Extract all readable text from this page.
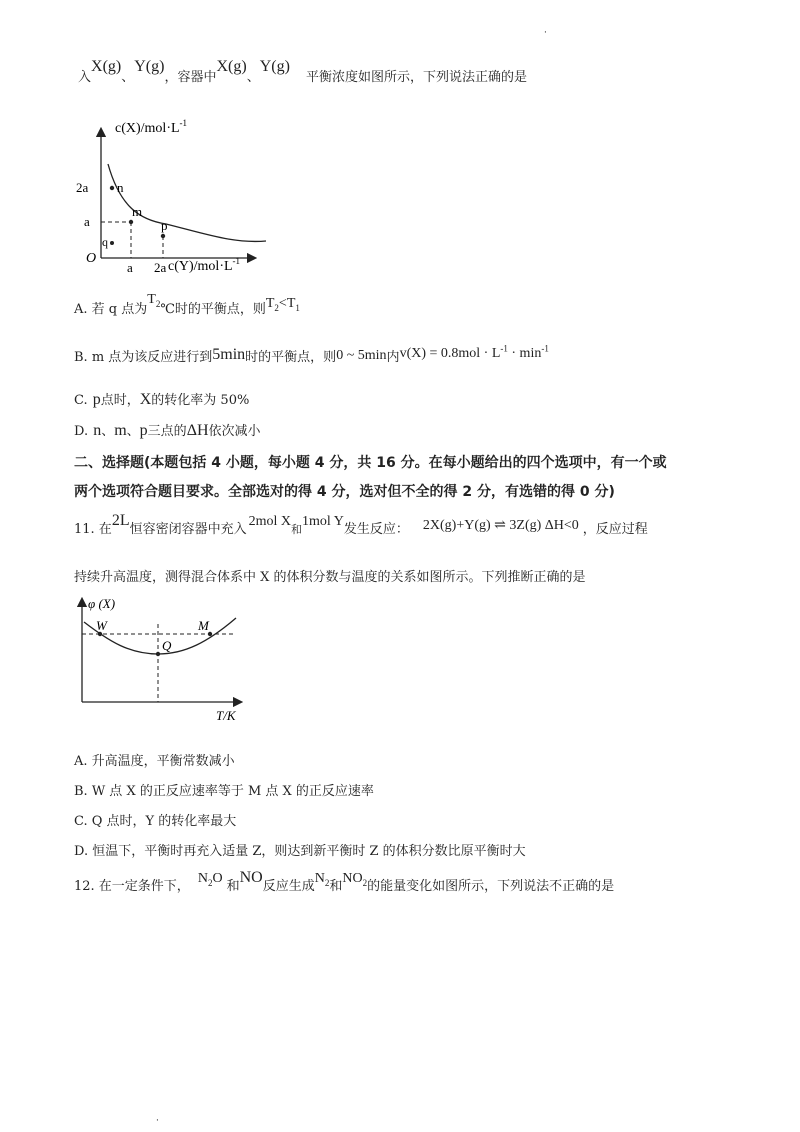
·
入X(g)、Y(g)，容器中X(g)、Y(g)平衡浓度如图所示，下列说法正确的是
$c(X)/mol\cdot L^{-1}$
$c(Y)/mol\cdot L^{-1}$
O
2a
a
a 2a
n
m
p
q
A. 若 q 点为$T_2℃$时的平衡点，则$T_2<T_1$
B. m 点为该反应进行到5min时的平衡点，则0 ~ 5min内$v(X) = 0.8mol \cdot L^{-1} \cdot \min^{-1}$
C. p点时，X的转化率为 50%
D. n、m、p三点的ΔH依次减小
二、选择题(本题包括 4 小题，每小题 4 分，共 16 分。在每小题给出的四个选项中，有一个或
两个选项符合题目要求。全部选对的得 4 分，选对但不全的得 2 分，有选错的得 0 分)
11. 在2L恒容密闭容器中充入2mol X和1mol Y发生反应： 2X(g)+Y(g) ⇌ 3Z(g) ΔH<0 ，反应过程
持续升高温度，测得混合体系中 X 的体积分数与温度的关系如图所示。下列推断正确的是
φ (X)
T/K
W
Q
M
A. 升高温度，平衡常数减小
B. W 点 X 的正反应速率等于 M 点 X 的正反应速率
C. Q 点时，Y 的转化率最大
D. 恒温下，平衡时再充入适量 Z，则达到新平衡时 Z 的体积分数比原平衡时大
12. 在一定条件下，$N_2O$和NO反应生成$N_2$和$NO_2$的能量变化如图所示，下列说法不正确的是
·
